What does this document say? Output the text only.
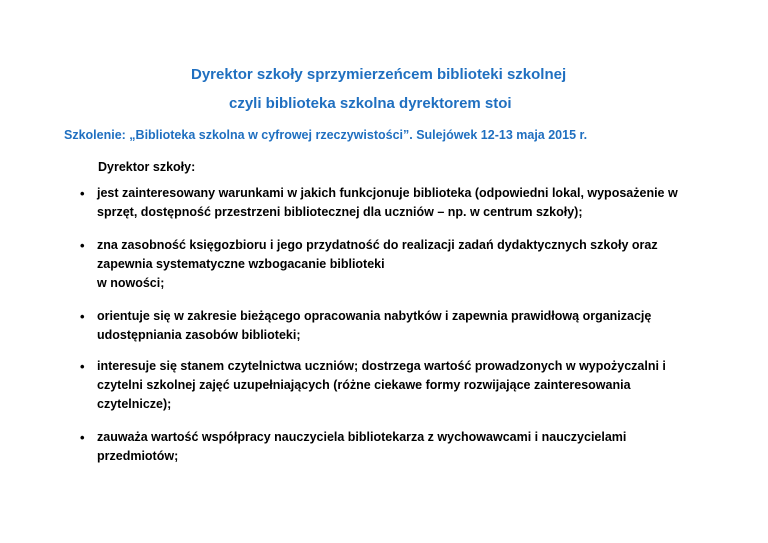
Dyrektor szkoły sprzymierzeńcem biblioteki szkolnej
czyli biblioteka szkolna dyrektorem stoi
Szkolenie: „Biblioteka szkolna w cyfrowej rzeczywistości”. Sulejówek 12-13 maja 2015 r.
Dyrektor szkoły:
• jest zainteresowany warunkami w jakich funkcjonuje biblioteka (odpowiedni lokal, wyposażenie w
sprzęt, dostępność przestrzeni bibliotecznej dla uczniów – np. w centrum szkoły);
• zna zasobność księgozbioru i jego przydatność do realizacji zadań dydaktycznych szkoły oraz
zapewnia systematyczne wzbogacanie biblioteki
w nowości;
• orientuje się w zakresie bieżącego opracowania nabytków i zapewnia prawidłową organizację
udostępniania zasobów biblioteki;
• interesuje się stanem czytelnictwa uczniów; dostrzega wartość prowadzonych w wypożyczalni i
czytelni szkolnej zajęć uzupełniających (różne ciekawe formy rozwijające zainteresowania
czytelnicze);
• zauważa wartość współpracy nauczyciela bibliotekarza z wychowawcami i nauczycielami
przedmiotów;
